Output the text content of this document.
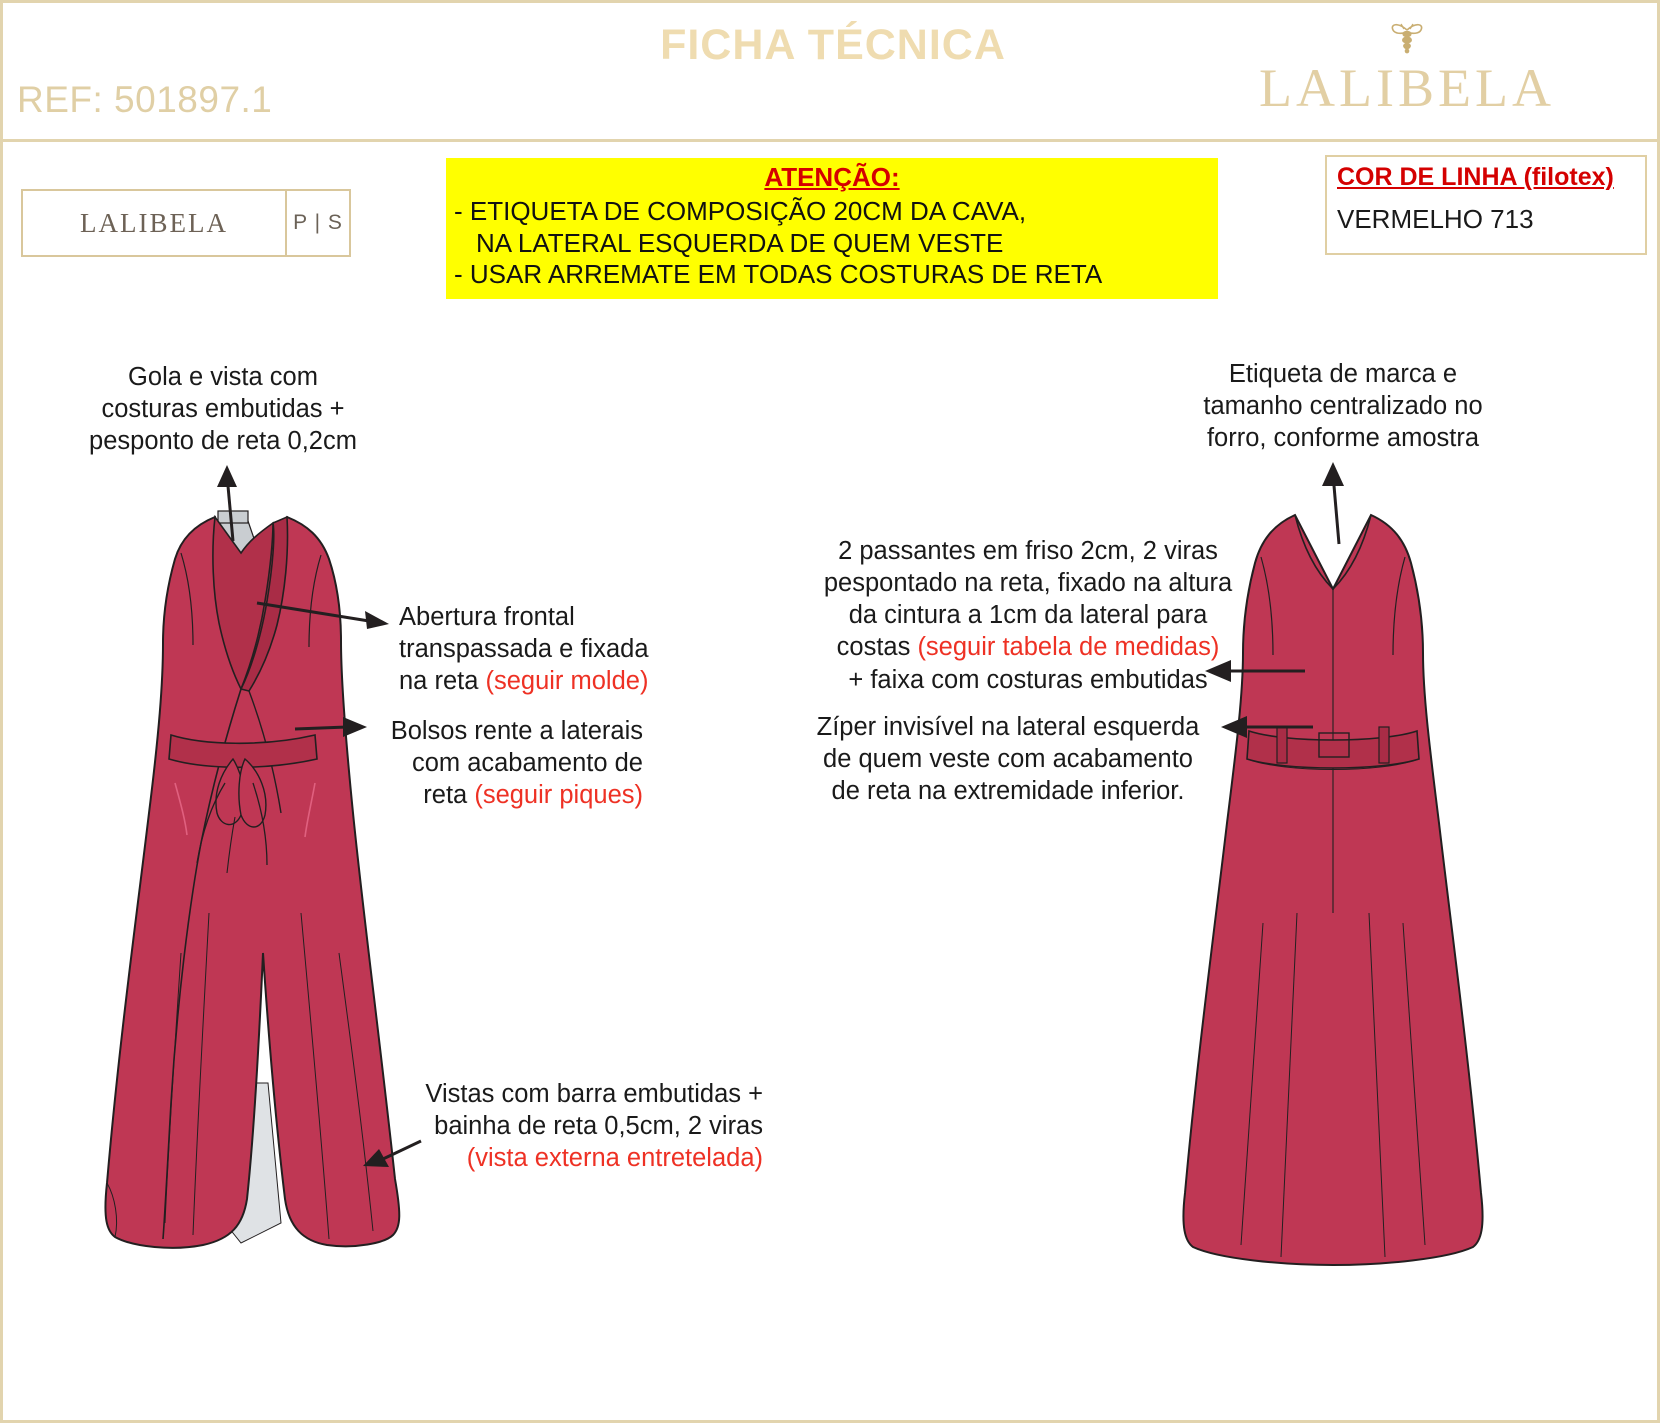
FICHA TÉCNICA
REF: 501897.1	LALIBELA
LALIBELA	P | S
ATENÇÃO:
- ETIQUETA DE COMPOSIÇÃO 20CM DA CAVA,
NA LATERAL ESQUERDA DE QUEM VESTE
- USAR ARREMATE EM TODAS COSTURAS DE RETA
COR DE LINHA (filotex)
VERMELHO 713
Gola e vista com
costuras embutidas +
pesponto de reta 0,2cm
Abertura frontal
transpassada e fixada
na reta (seguir molde)
Bolsos rente a laterais
com acabamento de
reta (seguir piques)
Vistas com barra embutidas +
bainha de reta 0,5cm, 2 viras
(vista externa entretelada)
Etiqueta de marca e
tamanho centralizado no
forro, conforme amostra
2 passantes em friso 2cm, 2 viras
pespontado na reta, fixado na altura
da cintura a 1cm da lateral para
costas (seguir tabela de medidas)
+ faixa com costuras embutidas
Zíper invisível na lateral esquerda
de quem veste com acabamento
de reta na extremidade inferior.
